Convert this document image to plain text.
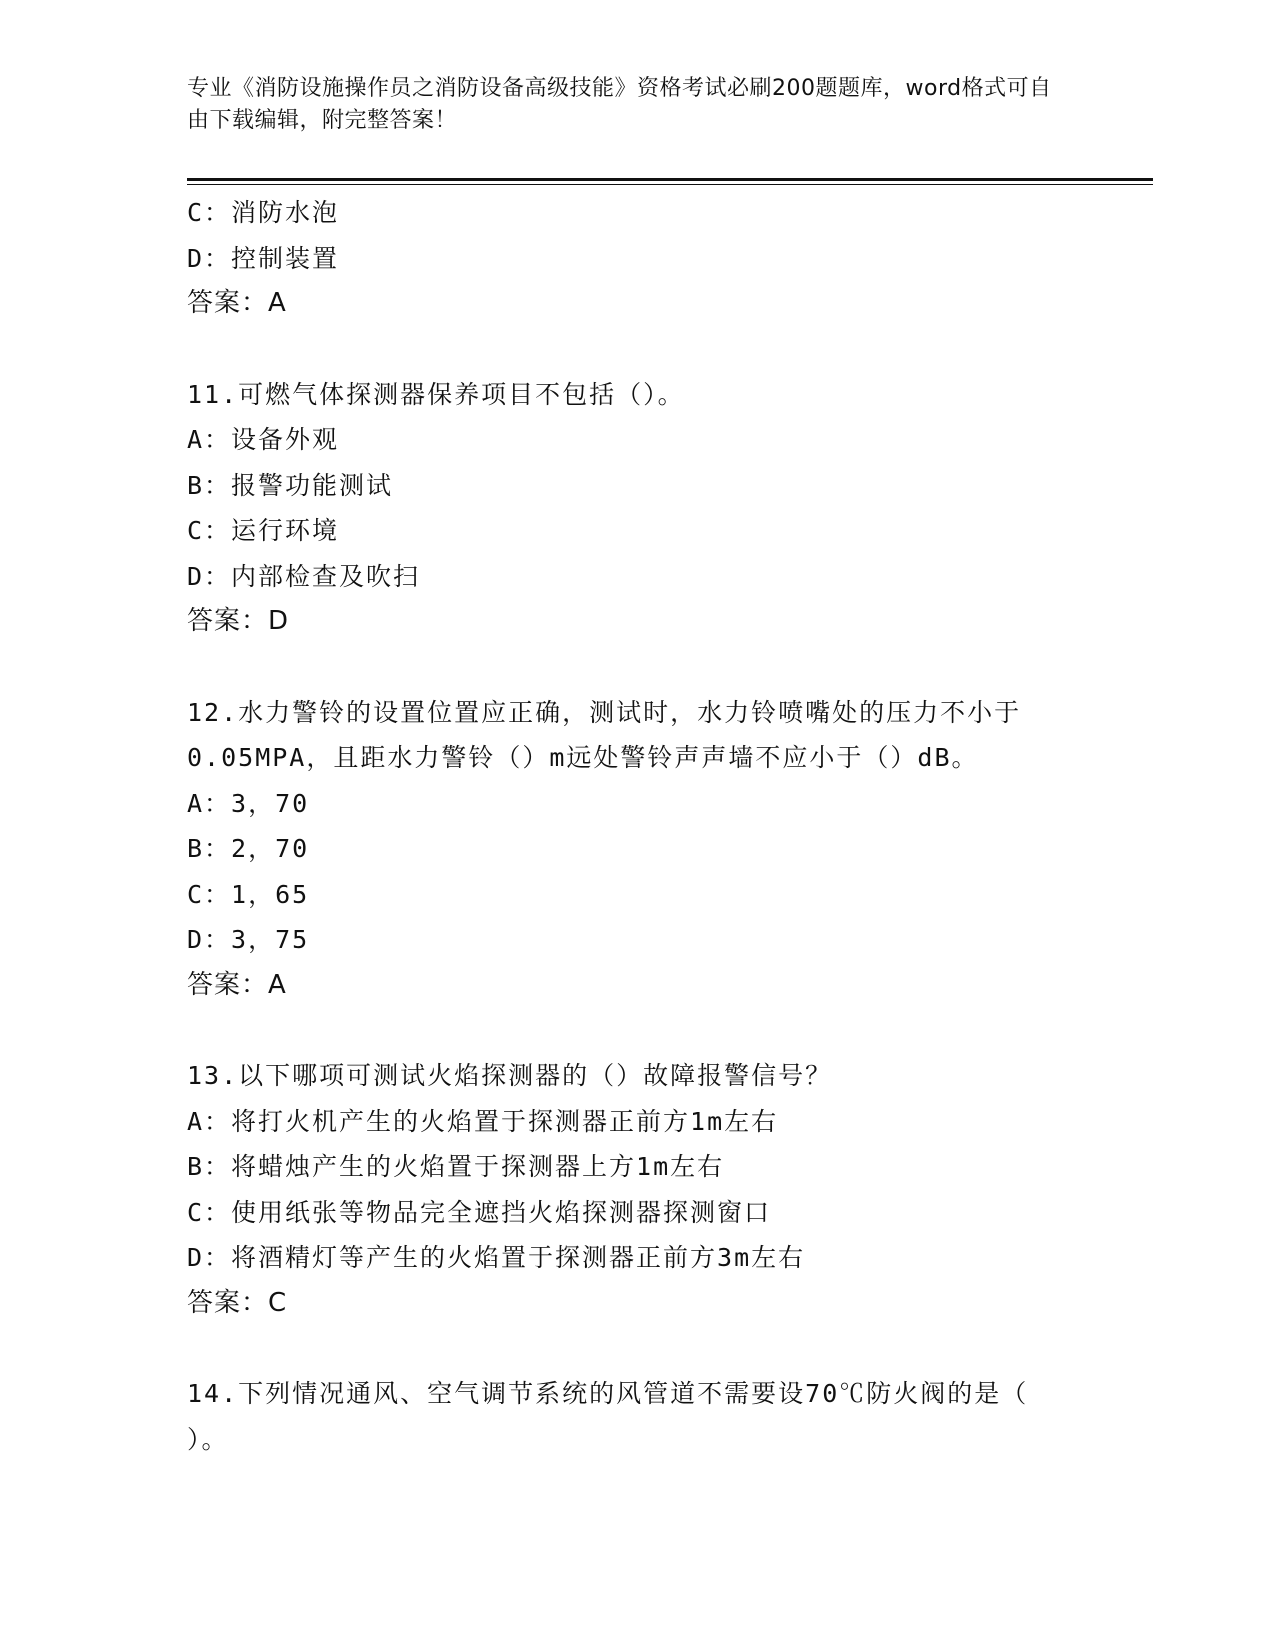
专业《消防设施操作员之消防设备高级技能》资格考试必刷200题题库，word格式可自由下载编辑，附完整答案！
C：消防水泡
D：控制装置
答案：A
11.可燃气体探测器保养项目不包括（）。
A：设备外观
B：报警功能测试
C：运行环境
D：内部检查及吹扫
答案：D
12.水力警铃的设置位置应正确，测试时，水力铃喷嘴处的压力不小于
0.05MPA，且距水力警铃（）m远处警铃声声墙不应小于（）dB。
A：3，70
B：2，70
C：1，65
D：3，75
答案：A
13.以下哪项可测试火焰探测器的（）故障报警信号？
A：将打火机产生的火焰置于探测器正前方1m左右
B：将蜡烛产生的火焰置于探测器上方1m左右
C：使用纸张等物品完全遮挡火焰探测器探测窗口
D：将酒精灯等产生的火焰置于探测器正前方3m左右
答案：C
14.下列情况通风、空气调节系统的风管道不需要设70℃防火阀的是（
）。
